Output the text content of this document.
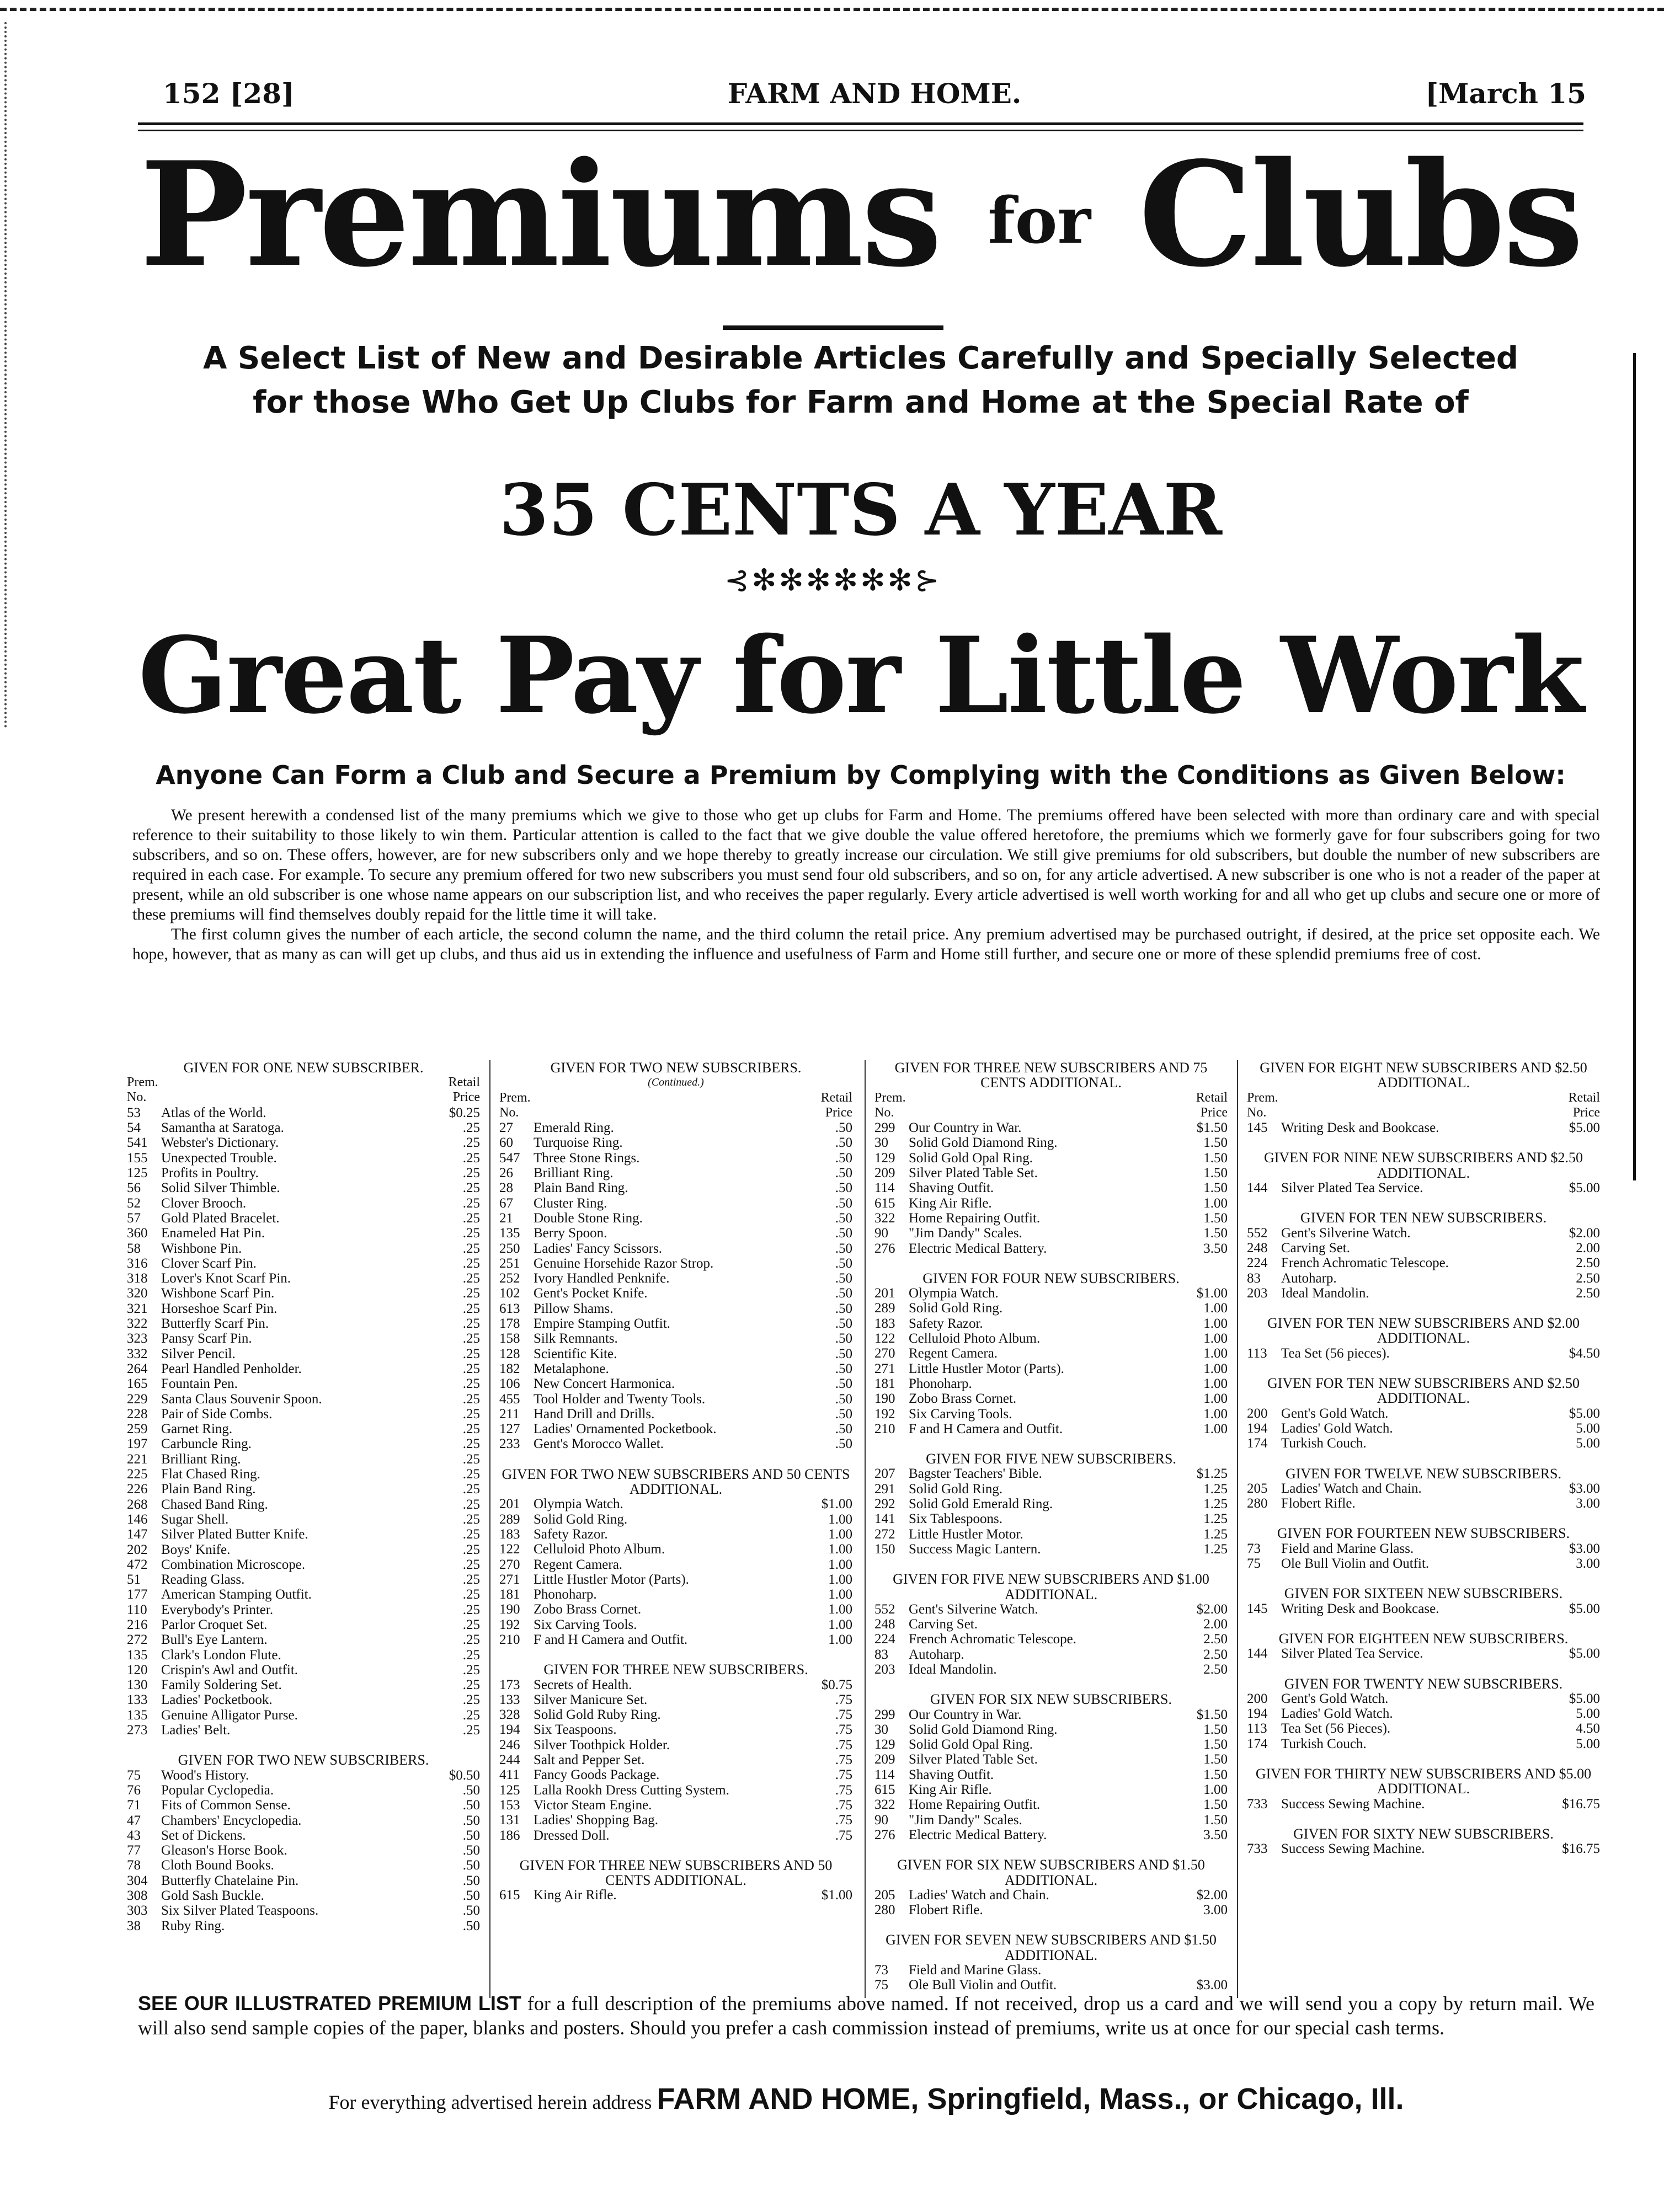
152 [28]	FARM AND HOME.	[March 15
Premiums for Clubs
A Select List of New and Desirable Articles Carefully and Specially Selected
for those Who Get Up Clubs for Farm and Home at the Special Rate of
35 CENTS A YEAR
⊰✻✻✻✻✻✻⊱
Great Pay for Little Work
Anyone Can Form a Club and Secure a Premium by Complying with the Conditions as Given Below:

We present herewith a condensed list of the many premiums which we give to those who get up clubs for Farm and Home. The premiums offered have been selected with more than ordinary care and with special reference to their suitability to those likely to win them. Particular attention is called to the fact that we give double the value offered heretofore, the premiums which we formerly gave for four subscribers going for two subscribers, and so on. These offers, however, are for new subscribers only and we hope thereby to greatly increase our circulation. We still give premiums for old subscribers, but double the number of new subscribers are required in each case. For example. To secure any premium offered for two new subscribers you must send four old subscribers, and so on, for any article advertised. A new subscriber is one who is not a reader of the paper at present, while an old subscriber is one whose name appears on our subscription list, and who receives the paper regularly. Every article advertised is well worth working for and all who get up clubs and secure one or more of these premiums will find themselves doubly repaid for the little time it will take.

The first column gives the number of each article, the second column the name, and the third column the retail price. Any premium advertised may be purchased outright, if desired, at the price set opposite each. We hope, however, that as many as can will get up clubs, and thus aid us in extending the influence and usefulness of Farm and Home still further, and secure one or more of these splendid premiums free of cost.

GIVEN FOR ONE NEW SUBSCRIBER.
Prem.
No.
Retail
Price
53	Atlas of the World.	$0.25
54	Samantha at Saratoga.	.25
541 Webster's Dictionary.	.25
155 Unexpected Trouble.	.25
125 Profits in Poultry.	.25
56	Solid Silver Thimble.	.25
52	Clover Brooch.	.25
57	Gold Plated Bracelet.	.25
360 Enameled Hat Pin.	.25
58	Wishbone Pin.	.25
316 Clover Scarf Pin.	.25
318 Lover's Knot Scarf Pin.	.25
320 Wishbone Scarf Pin.	.25
321 Horseshoe Scarf Pin.	.25
322 Butterfly Scarf Pin.	.25
323 Pansy Scarf Pin.	.25
332 Silver Pencil.	.25
264 Pearl Handled Penholder.	.25
165 Fountain Pen.	.25
229 Santa Claus Souvenir Spoon.	.25
228 Pair of Side Combs.	.25
259 Garnet Ring.	.25
197 Carbuncle Ring.	.25
221 Brilliant Ring.	.25
225 Flat Chased Ring.	.25
226 Plain Band Ring.	.25
268 Chased Band Ring.	.25
146 Sugar Shell.	.25
147 Silver Plated Butter Knife.	.25
202 Boys' Knife.	.25
472 Combination Microscope.	.25
51	Reading Glass.	.25
177 American Stamping Outfit.	.25
110	Everybody's Printer.	.25
216 Parlor Croquet Set.	.25
272 Bull's Eye Lantern.	.25
135 Clark's London Flute.	.25
120 Crispin's Awl and Outfit.	.25
130 Family Soldering Set.	.25
133 Ladies' Pocketbook.	.25
135 Genuine Alligator Purse.	.25
273 Ladies' Belt.	.25
GIVEN FOR TWO NEW SUBSCRIBERS.
75	Wood's History.	$0.50
76	Popular Cyclopedia.	.50
71	Fits of Common Sense.	.50
47	Chambers' Encyclopedia.	.50
43	Set of Dickens.	.50
77	Gleason's Horse Book.	.50
78	Cloth Bound Books.	.50
304 Butterfly Chatelaine Pin.	.50
308 Gold Sash Buckle.	.50
303 Six Silver Plated Teaspoons.	.50
38	Ruby Ring.	.50
GIVEN FOR TWO NEW SUBSCRIBERS.
(Continued.)
Prem.
No.
Retail
Price
27	Emerald Ring.	.50
60	Turquoise Ring.	.50
547 Three Stone Rings.	.50
26	Brilliant Ring.	.50
28	Plain Band Ring.	.50
67	Cluster Ring.	.50
21	Double Stone Ring.	.50
135 Berry Spoon.	.50
250 Ladies' Fancy Scissors.	.50
251 Genuine Horsehide Razor Strop.	.50
252 Ivory Handled Penknife.	.50
102 Gent's Pocket Knife.	.50
613 Pillow Shams.	.50
178 Empire Stamping Outfit.	.50
158 Silk Remnants.	.50
128 Scientific Kite.	.50
182 Metalaphone.	.50
106 New Concert Harmonica.	.50
455 Tool Holder and Twenty Tools.	.50
211	Hand Drill and Drills.	.50
127 Ladies' Ornamented Pocketbook.	.50
233 Gent's Morocco Wallet.	.50
GIVEN FOR TWO NEW SUBSCRIBERS AND 50 CENTS ADDITIONAL.
201 Olympia Watch.	$1.00
289 Solid Gold Ring.	1.00
183 Safety Razor.	1.00
122 Celluloid Photo Album.	1.00
270 Regent Camera.	1.00
271 Little Hustler Motor (Parts).	1.00
181 Phonoharp.	1.00
190 Zobo Brass Cornet.	1.00
192 Six Carving Tools.	1.00
210 F and H Camera and Outfit.	1.00
GIVEN FOR THREE NEW SUBSCRIBERS.
173 Secrets of Health.	$0.75
133 Silver Manicure Set.	.75
328 Solid Gold Ruby Ring.	.75
194 Six Teaspoons.	.75
246 Silver Toothpick Holder.	.75
244 Salt and Pepper Set.	.75
411	Fancy Goods Package.	.75
125 Lalla Rookh Dress Cutting System.	.75
153 Victor Steam Engine.	.75
131 Ladies' Shopping Bag.	.75
186 Dressed Doll.	.75
GIVEN FOR THREE NEW SUBSCRIBERS AND 50 CENTS ADDITIONAL.
615 King Air Rifle.	$1.00
GIVEN FOR THREE NEW SUBSCRIBERS AND 75 CENTS ADDITIONAL.
Prem.
No.
Retail
Price
299 Our Country in War.	$1.50
30	Solid Gold Diamond Ring.	1.50
129 Solid Gold Opal Ring.	1.50
209 Silver Plated Table Set.	1.50
114	Shaving Outfit.	1.50
615 King Air Rifle.	1.00
322 Home Repairing Outfit.	1.50
90	"Jim Dandy" Scales.	1.50
276 Electric Medical Battery.	3.50
GIVEN FOR FOUR NEW SUBSCRIBERS.
201 Olympia Watch.	$1.00
289 Solid Gold Ring.	1.00
183 Safety Razor.	1.00
122 Celluloid Photo Album.	1.00
270 Regent Camera.	1.00
271 Little Hustler Motor (Parts).	1.00
181 Phonoharp.	1.00
190 Zobo Brass Cornet.	1.00
192 Six Carving Tools.	1.00
210 F and H Camera and Outfit.	1.00
GIVEN FOR FIVE NEW SUBSCRIBERS.
207 Bagster Teachers' Bible.	$1.25
291 Solid Gold Ring.	1.25
292 Solid Gold Emerald Ring.	1.25
141 Six Tablespoons.	1.25
272 Little Hustler Motor.	1.25
150 Success Magic Lantern.	1.25
GIVEN FOR FIVE NEW SUBSCRIBERS AND $1.00 ADDITIONAL.
552 Gent's Silverine Watch.	$2.00
248 Carving Set.	2.00
224 French Achromatic Telescope.	2.50
83	Autoharp.	2.50
203 Ideal Mandolin.	2.50
GIVEN FOR SIX NEW SUBSCRIBERS.
299 Our Country in War.	$1.50
30	Solid Gold Diamond Ring.	1.50
129 Solid Gold Opal Ring.	1.50
209 Silver Plated Table Set.	1.50
114	Shaving Outfit.	1.50
615 King Air Rifle.	1.00
322 Home Repairing Outfit.	1.50
90	"Jim Dandy" Scales.	1.50
276 Electric Medical Battery.	3.50
GIVEN FOR SIX NEW SUBSCRIBERS AND $1.50 ADDITIONAL.
205 Ladies' Watch and Chain.	$2.00
280 Flobert Rifle.	3.00
GIVEN FOR SEVEN NEW SUBSCRIBERS AND $1.50 ADDITIONAL.
73	Field and Marine Glass.
75	Ole Bull Violin and Outfit.	$3.00
GIVEN FOR EIGHT NEW SUBSCRIBERS AND $2.50 ADDITIONAL.
Prem.
No.
Retail
Price
145 Writing Desk and Bookcase.	$5.00
GIVEN FOR NINE NEW SUBSCRIBERS AND $2.50 ADDITIONAL.
144 Silver Plated Tea Service.	$5.00
GIVEN FOR TEN NEW SUBSCRIBERS.
552 Gent's Silverine Watch.	$2.00
248 Carving Set.	2.00
224 French Achromatic Telescope.	2.50
83	Autoharp.	2.50
203 Ideal Mandolin.	2.50
GIVEN FOR TEN NEW SUBSCRIBERS AND $2.00 ADDITIONAL.
113	Tea Set (56 pieces).	$4.50
GIVEN FOR TEN NEW SUBSCRIBERS AND $2.50 ADDITIONAL.
200 Gent's Gold Watch.	$5.00
194 Ladies' Gold Watch.	5.00
174 Turkish Couch.	5.00
GIVEN FOR TWELVE NEW SUBSCRIBERS.
205 Ladies' Watch and Chain.	$3.00
280 Flobert Rifle.	3.00
GIVEN FOR FOURTEEN NEW SUBSCRIBERS.
73	Field and Marine Glass.	$3.00
75	Ole Bull Violin and Outfit.	3.00
GIVEN FOR SIXTEEN NEW SUBSCRIBERS.
145 Writing Desk and Bookcase.	$5.00
GIVEN FOR EIGHTEEN NEW SUBSCRIBERS.
144 Silver Plated Tea Service.	$5.00
GIVEN FOR TWENTY NEW SUBSCRIBERS.
200 Gent's Gold Watch.	$5.00
194 Ladies' Gold Watch.	5.00
113	Tea Set (56 Pieces).	4.50
174 Turkish Couch.	5.00
GIVEN FOR THIRTY NEW SUBSCRIBERS AND $5.00 ADDITIONAL.
733 Success Sewing Machine.	$16.75
GIVEN FOR SIXTY NEW SUBSCRIBERS.
733 Success Sewing Machine.	$16.75
SEE OUR ILLUSTRATED PREMIUM LIST for a full description of the premiums above named. If not received, drop us a card and we will send you a copy by return mail. We will also send sample copies of the paper, blanks and posters. Should you prefer a cash commission instead of premiums, write us at once for our special cash terms.
For everything advertised herein address FARM AND HOME, Springfield, Mass., or Chicago, Ill.
